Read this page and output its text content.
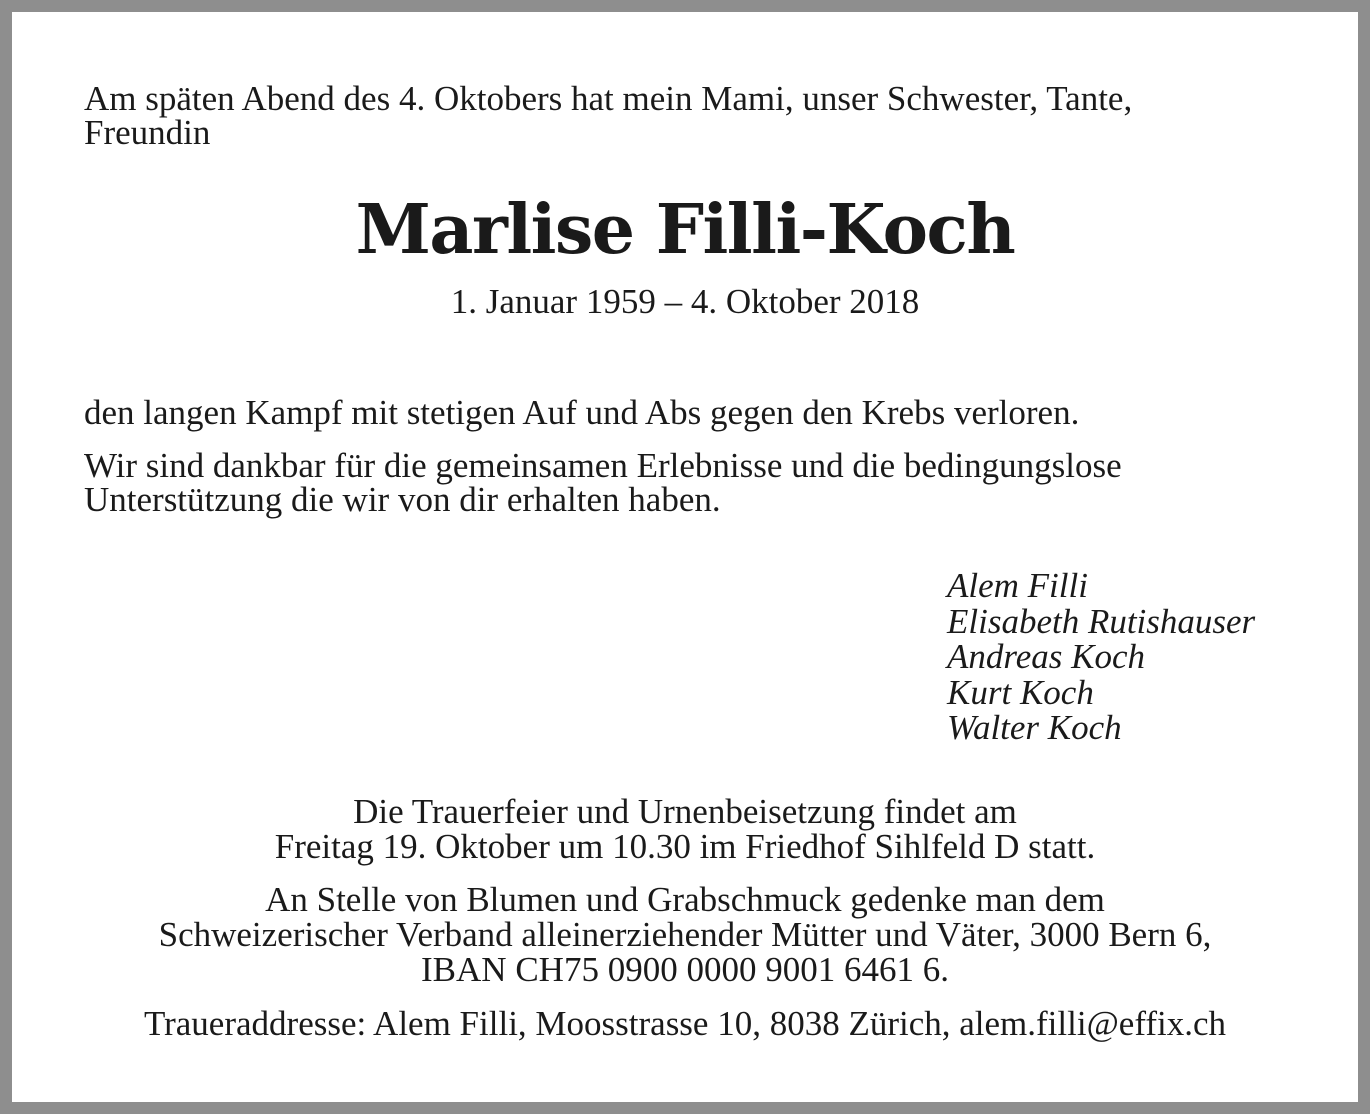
Am späten Abend des 4. Oktobers hat mein Mami, unser Schwester, Tante,
Freundin
Marlise Filli-Koch
1. Januar 1959 – 4. Oktober 2018
den langen Kampf mit stetigen Auf und Abs gegen den Krebs verloren.
Wir sind dankbar für die gemeinsamen Erlebnisse und die bedingungslose
Unterstützung die wir von dir erhalten haben.
Alem Filli
Elisabeth Rutishauser
Andreas Koch
Kurt Koch
Walter Koch
Die Trauerfeier und Urnenbeisetzung findet am
Freitag 19. Oktober um 10.30 im Friedhof Sihlfeld D statt.
An Stelle von Blumen und Grabschmuck gedenke man dem
Schweizerischer Verband alleinerziehender Mütter und Väter, 3000 Bern 6,
IBAN CH75 0900 0000 9001 6461 6.
Traueraddresse: Alem Filli, Moosstrasse 10, 8038 Zürich, alem.filli@effix.ch
